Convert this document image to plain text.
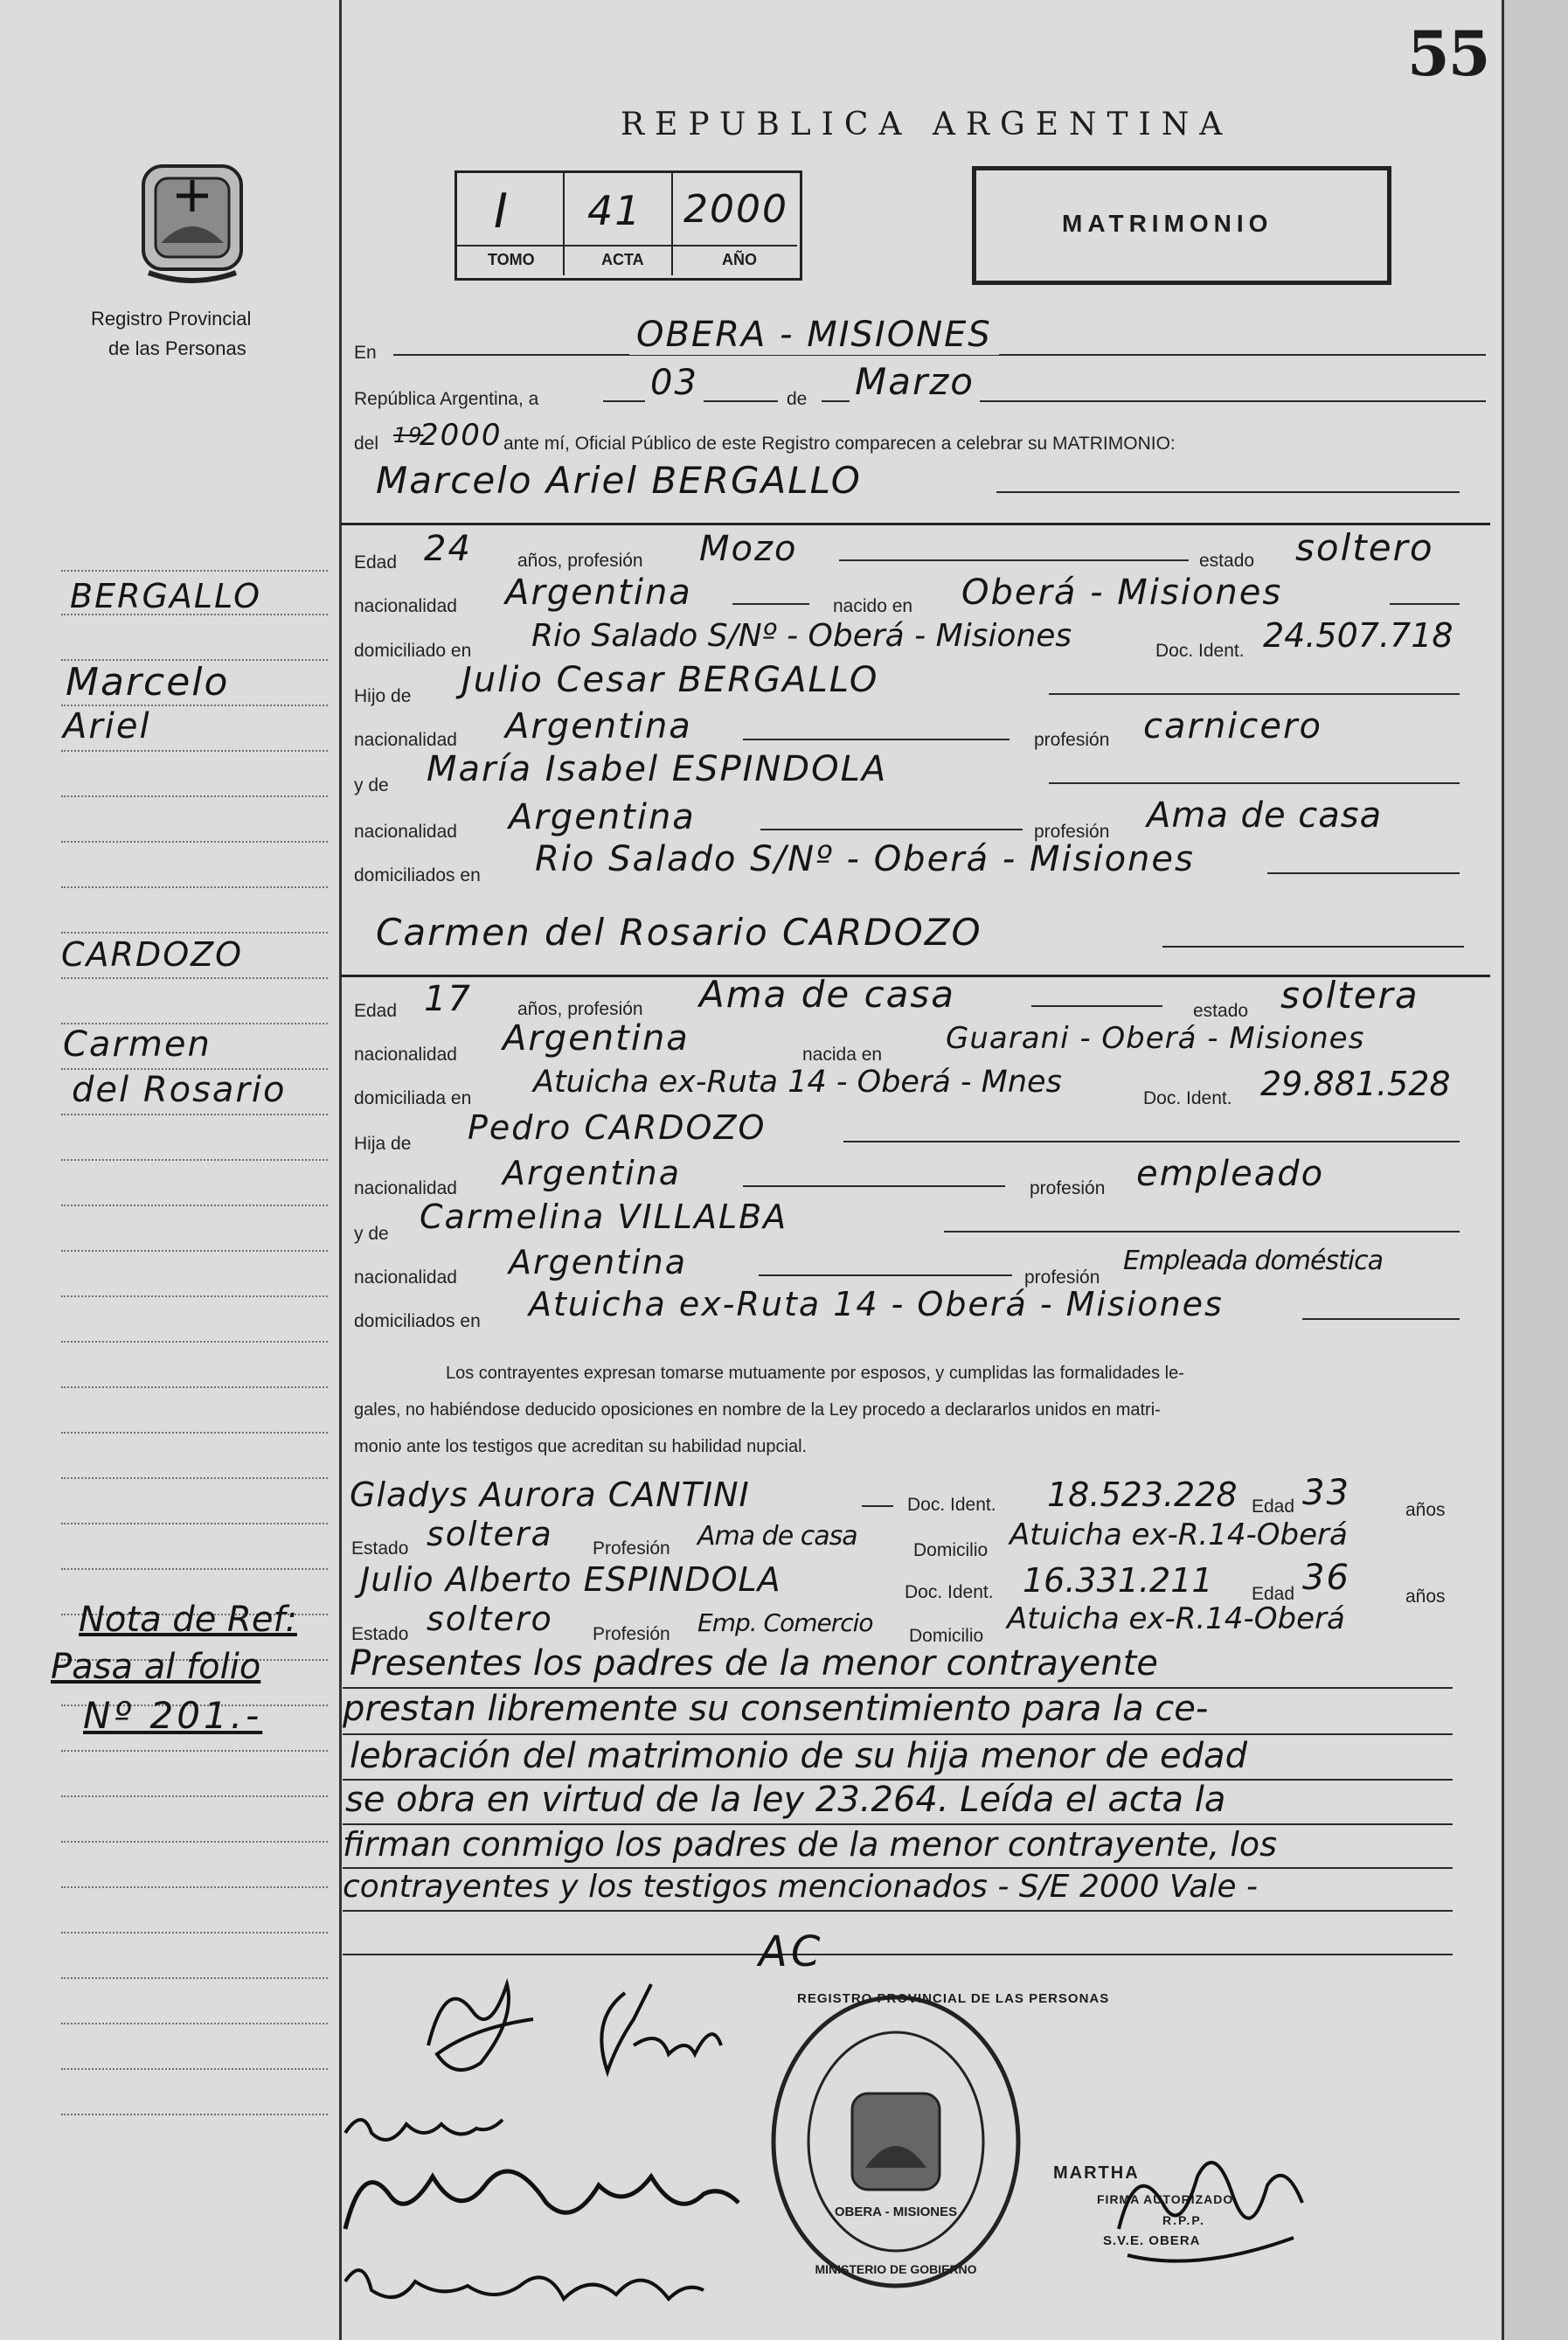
55
REPUBLICA ARGENTINA
Registro Provincial
de las Personas
I 41 2000
TOMO	ACTA	AÑO
MATRIMONIO
En	OBERA - MISIONES
República Argentina, a	03	de Marzo
del 19
2000 ante mí, Oficial Público de este Registro comparecen a celebrar su MATRIMONIO:
Marcelo Ariel BERGALLO
Edad 24 años, profesión Mozo	estado soltero
nacionalidad Argentina	nacido en Oberá - Misiones
domiciliado en Rio Salado S/Nº - Oberá - Misiones	Doc. Ident. 24.507.718
Hijo de Julio Cesar BERGALLO
nacionalidad Argentina	profesión carnicero
y de María Isabel ESPINDOLA
nacionalidad Argentina	profesión Ama de casa
domiciliados en Rio Salado S/Nº - Oberá - Misiones
Carmen del Rosario CARDOZO
Edad 17 años, profesión Ama de casa	estado soltera
nacionalidad Argentina	nacida en Guarani - Oberá - Misiones
domiciliada en Atuicha ex-Ruta 14 - Oberá - Mnes	Doc. Ident. 29.881.528
Hija de Pedro CARDOZO
nacionalidad Argentina	profesión empleado
y de Carmelina VILLALBA
nacionalidad Argentina	profesión
Empleada doméstica
domiciliados en Atuicha ex-Ruta 14 - Oberá - Misiones
Los contrayentes expresan tomarse mutuamente por esposos, y cumplidas las formalidades le-
gales, no habiéndose deducido oposiciones en nombre de la Ley procedo a declararlos unidos en matri-
monio ante los testigos que acreditan su habilidad nupcial.
Gladys Aurora CANTINI	Doc. Ident. 18.523.228 Edad 33	años
Estado soltera Profesión Ama de casa	Domicilio Atuicha ex-R.14-Oberá
Julio Alberto ESPINDOLA	Doc. Ident. 16.331.211 Edad 36	años
Estado soltero Profesión Emp. Comercio Domicilio Atuicha ex-R.14-Oberá
Presentes los padres de la menor contrayente
prestan libremente su consentimiento para la ce-
lebración del matrimonio de su hija menor de edad
se obra en virtud de la ley 23.264. Leída el acta la
firman conmigo los padres de la menor contrayente, los
contrayentes y los testigos mencionados - S/E 2000 Vale -
AC
BERGALLO
Marcelo
Ariel
CARDOZO
Carmen
del Rosario
Nota de Ref:
Pasa al folio
Nº 201.-
REGISTRO PROVINCIAL DE LAS PERSONAS
OBERA - MISIONES
MINISTERIO DE GOBIERNO
MARTHA
FIRMA AUTORIZADO
R.P.P.
S.V.E. OBERA
